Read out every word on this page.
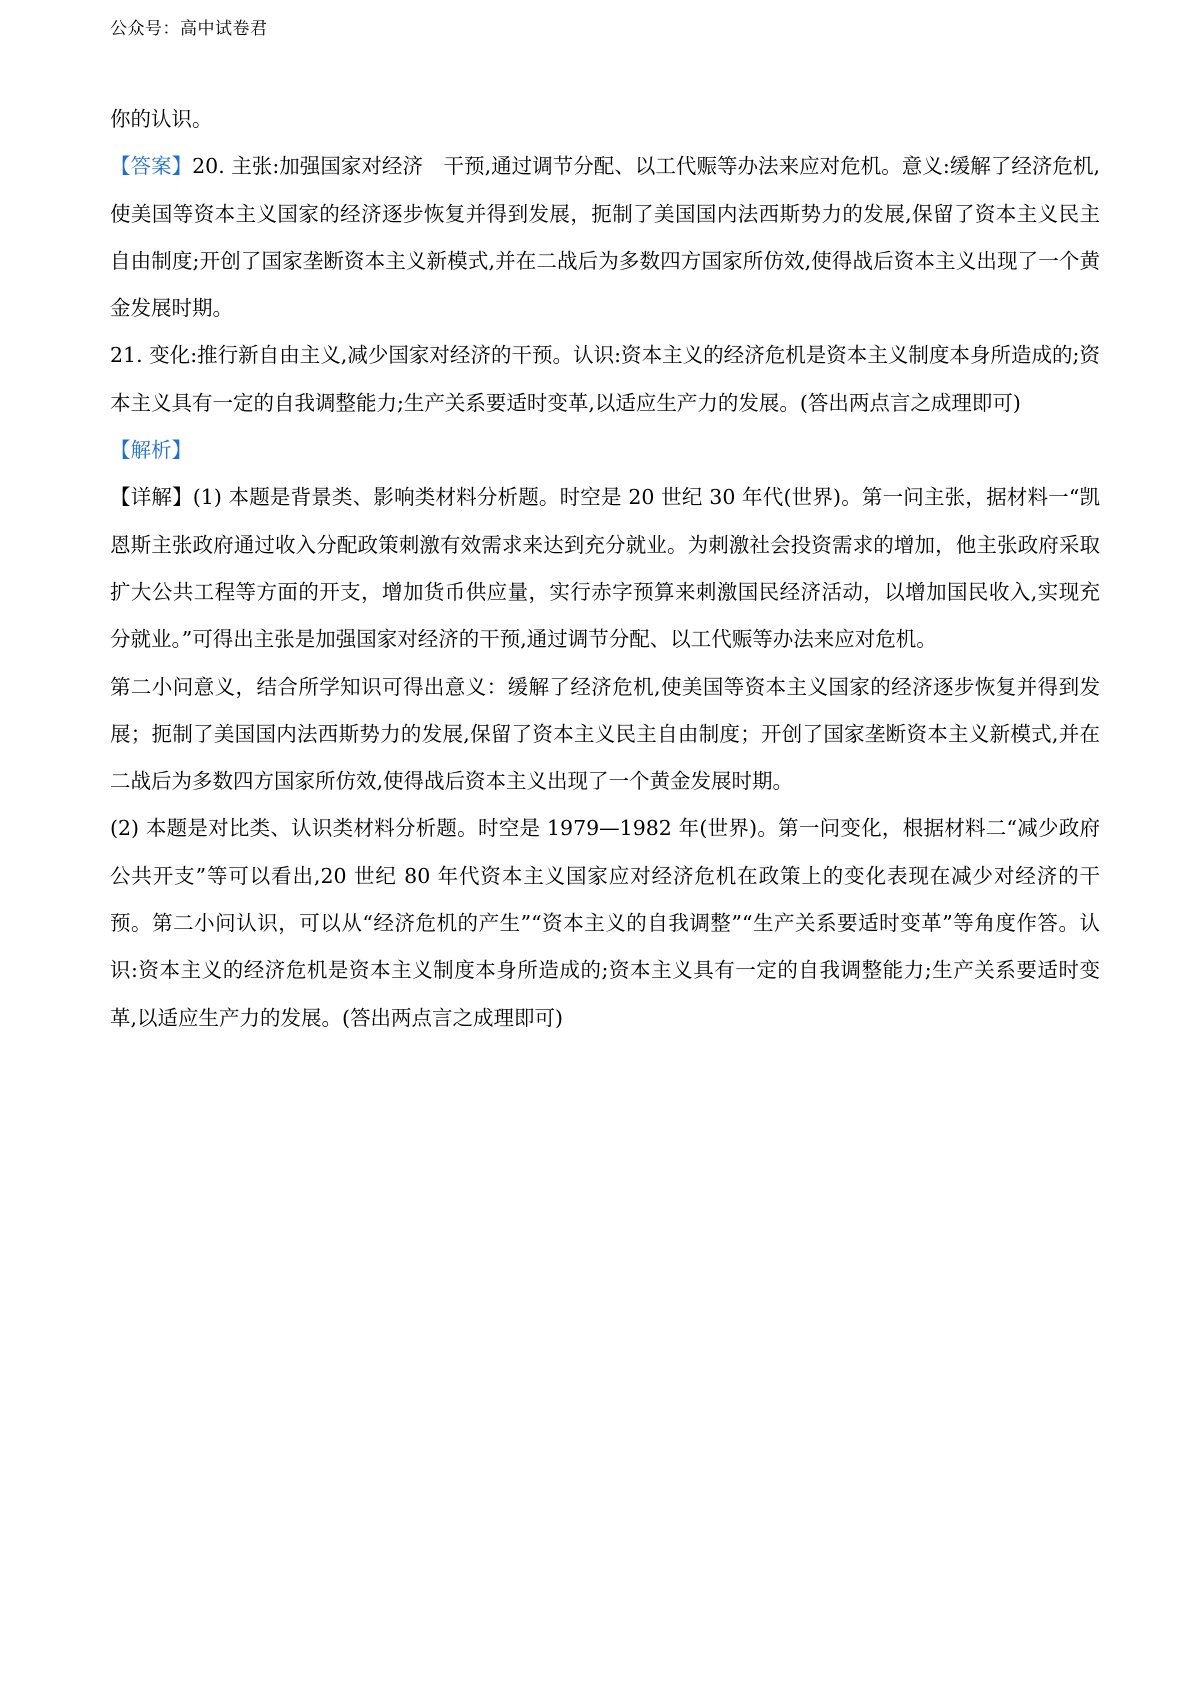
公众号：高中试卷君

你的认识。

【答案】20. 主张:加强国家对经济　干预,通过调节分配、以工代赈等办法来应对危机。意义:缓解了经济危机,使美国等资本主义国家的经济逐步恢复并得到发展，扼制了美国国内法西斯势力的发展,保留了资本主义民主自由制度;开创了国家垄断资本主义新模式,并在二战后为多数四方国家所仿效,使得战后资本主义出现了一个黄金发展时期。

21. 变化:推行新自由主义,减少国家对经济的干预。认识:资本主义的经济危机是资本主义制度本身所造成的;资本主义具有一定的自我调整能力;生产关系要适时变革,以适应生产力的发展。(答出两点言之成理即可)

【解析】

【详解】(1) 本题是背景类、影响类材料分析题。时空是 20 世纪 30 年代(世界)。第一问主张，据材料一“凯恩斯主张政府通过收入分配政策刺激有效需求来达到充分就业。为刺激社会投资需求的增加，他主张政府采取扩大公共工程等方面的开支，增加货币供应量，实行赤字预算来刺激国民经济活动，以增加国民收入,实现充分就业。”可得出主张是加强国家对经济的干预,通过调节分配、以工代赈等办法来应对危机。

第二小问意义，结合所学知识可得出意义：缓解了经济危机,使美国等资本主义国家的经济逐步恢复并得到发展；扼制了美国国内法西斯势力的发展,保留了资本主义民主自由制度；开创了国家垄断资本主义新模式,并在二战后为多数四方国家所仿效,使得战后资本主义出现了一个黄金发展时期。

(2) 本题是对比类、认识类材料分析题。时空是 1979—1982 年(世界)。第一问变化，根据材料二“减少政府公共开支”等可以看出,20 世纪 80 年代资本主义国家应对经济危机在政策上的变化表现在减少对经济的干预。第二小问认识，可以从“经济危机的产生”“资本主义的自我调整”“生产关系要适时变革”等角度作答。认识:资本主义的经济危机是资本主义制度本身所造成的;资本主义具有一定的自我调整能力;生产关系要适时变革,以适应生产力的发展。(答出两点言之成理即可)
